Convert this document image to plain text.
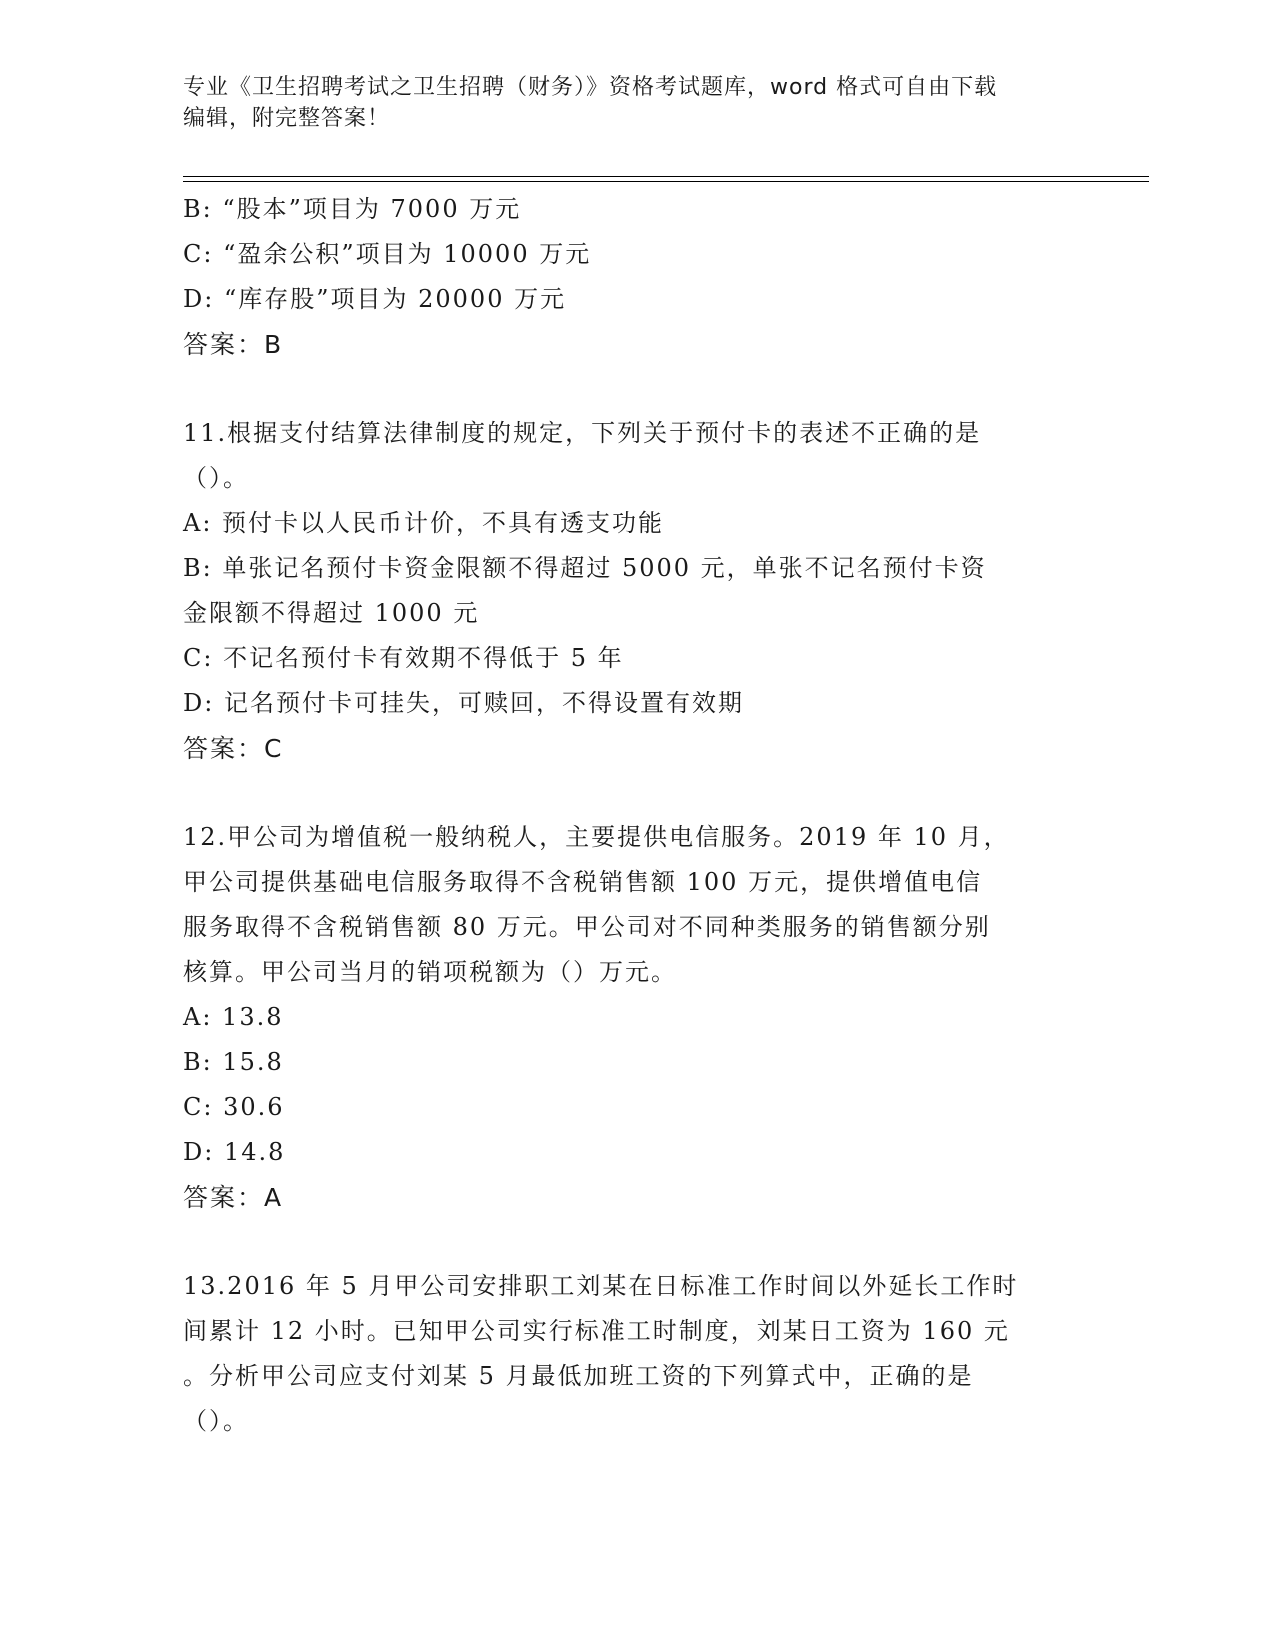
专业《卫生招聘考试之卫生招聘（财务）》资格考试题库，word 格式可自由下载
编辑，附完整答案！
B: “股本”项目为 7000 万元
C: “盈余公积”项目为 10000 万元
D: “库存股”项目为 20000 万元
答案：B
11.根据支付结算法律制度的规定，下列关于预付卡的表述不正确的是
（）。
A: 预付卡以人民币计价，不具有透支功能
B: 单张记名预付卡资金限额不得超过 5000 元，单张不记名预付卡资
金限额不得超过 1000 元
C: 不记名预付卡有效期不得低于 5 年
D: 记名预付卡可挂失，可赎回，不得设置有效期
答案：C
12.甲公司为增值税一般纳税人，主要提供电信服务。2019 年 10 月，
甲公司提供基础电信服务取得不含税销售额 100 万元，提供增值电信
服务取得不含税销售额 80 万元。甲公司对不同种类服务的销售额分别
核算。甲公司当月的销项税额为（）万元。
A: 13.8
B: 15.8
C: 30.6
D: 14.8
答案：A
13.2016 年 5 月甲公司安排职工刘某在日标准工作时间以外延长工作时
间累计 12 小时。已知甲公司实行标准工时制度，刘某日工资为 160 元
。分析甲公司应支付刘某 5 月最低加班工资的下列算式中，正确的是
（）。
